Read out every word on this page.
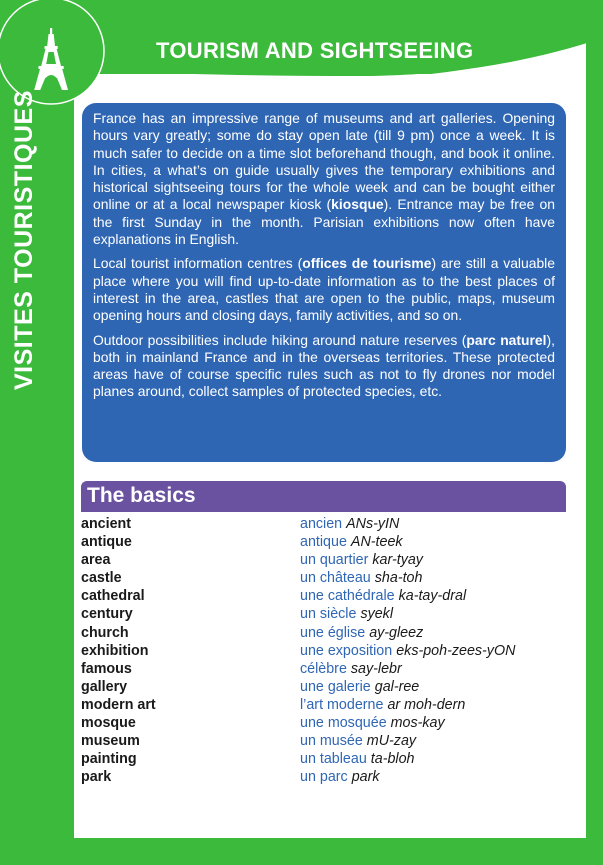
TOURISM AND SIGHTSEEING
VISITES TOURISTIQUES	France has an impressive range of museums and art galleries. Opening hours vary greatly; some do stay open late (till 9 pm) once a week. It is much safer to decide on a time slot beforehand though, and book it online. In cities, a what’s on guide usually gives the temporary exhibitions and historical sightseeing tours for the whole week and can be bought either online or at a local newspaper kiosk (kiosque). Entrance may be free on the first Sunday in the month. Parisian exhibitions now often have explanations in English.

Local tourist information centres (offices de tourisme) are still a valuable place where you will find up-to-date information as to the best places of interest in the area, castles that are open to the public, maps, museum opening hours and closing days, family activities, and so on.

Outdoor possibilities include hiking around nature reserves (parc naturel), both in mainland France and in the overseas territories. These protected areas have of course specific rules such as not to fly drones nor model planes around, collect samples of protected species, etc.

The basics
ancient	ancien ANs-yIN
antique	antique AN-teek
area	un quartier kar-tyay
castle	un château sha-toh
cathedral	une cathédrale ka-tay-dral
century	un siècle syekl
church	une église ay-gleez
exhibition	une exposition eks-poh-zees-yON
famous	célèbre say-lebr
gallery	une galerie gal-ree
modern art	l’art moderne ar moh-dern
mosque	une mosquée mos-kay
museum	un musée mU-zay
painting	un tableau ta-bloh
park	un parc park
82
